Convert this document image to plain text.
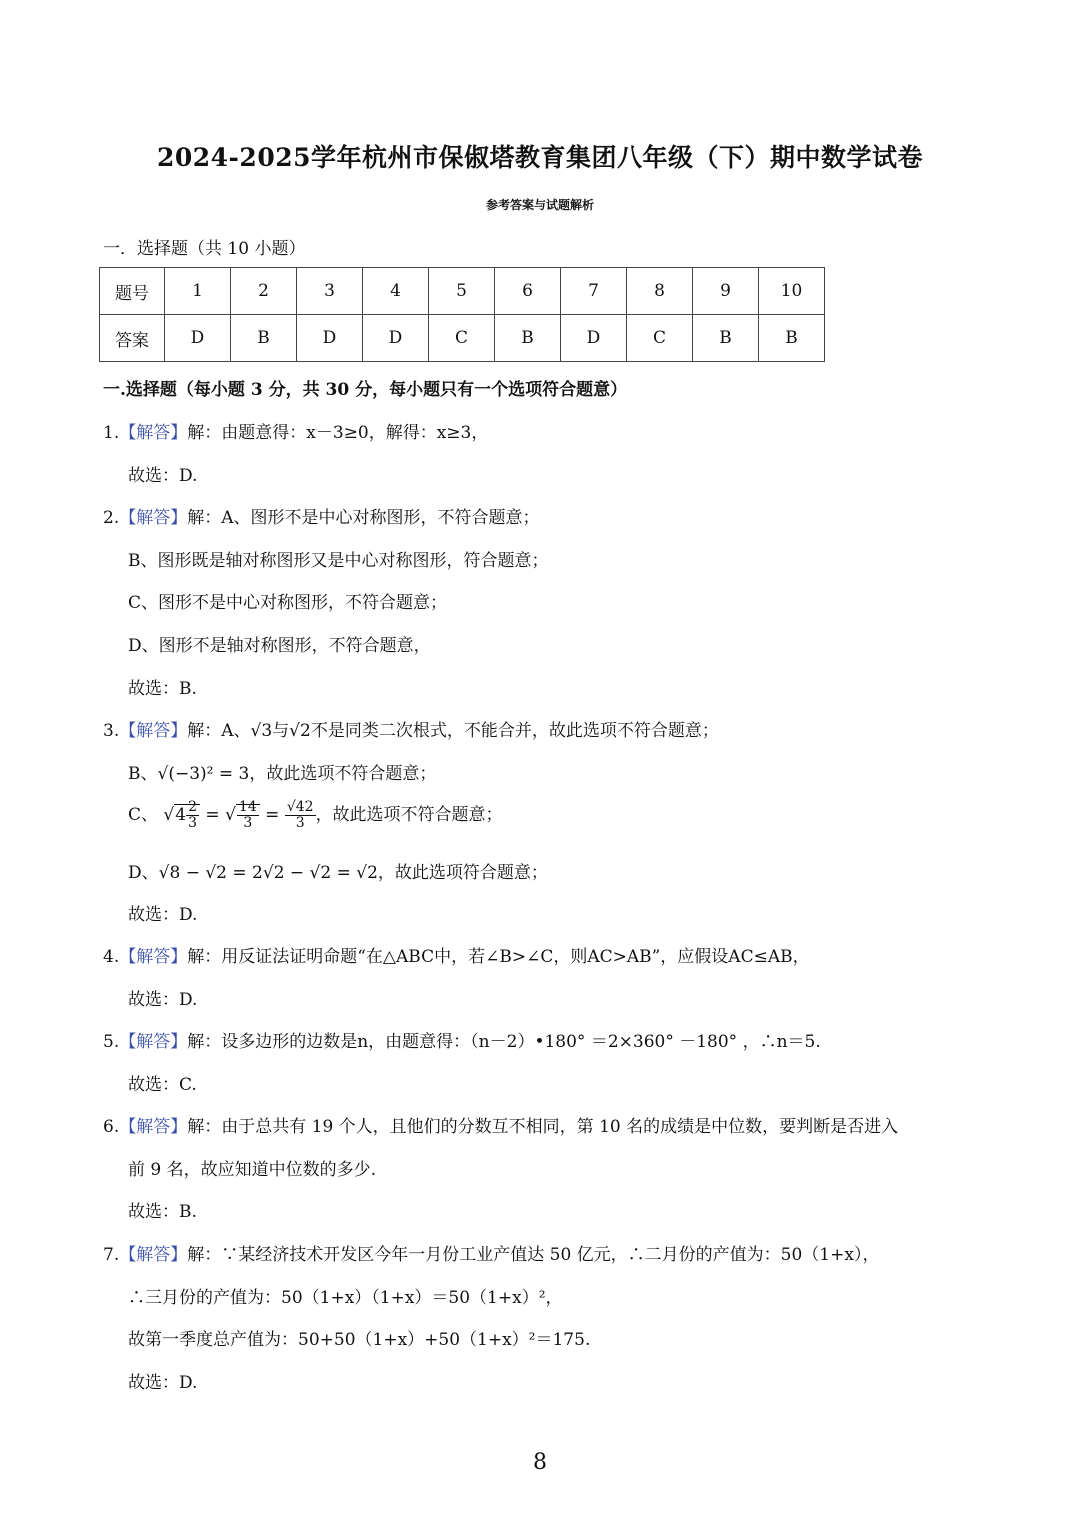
2024-2025学年杭州市保俶塔教育集团八年级（下）期中数学试卷
参考答案与试题解析
一．选择题（共 10 小题）
题号	1	2	3	4	5	6	7	8	9	10
答案	D	B	D	D	C	B	D	C	B	B
一.选择题（每小题 3 分，共 30 分，每小题只有一个选项符合题意）
1.【解答】解：由题意得：x－3≥0，解得：x≥3，
故选：D.
2.【解答】解：A、图形不是中心对称图形，不符合题意；
B、图形既是轴对称图形又是中心对称图形，符合题意；
C、图形不是中心对称图形，不符合题意；
D、图形不是轴对称图形，不符合题意，
故选：B.
3.【解答】解：A、√3与√2不是同类二次根式，不能合并，故此选项不符合题意；
B、√(−3)² = 3，故此选项不符合题意；
C、 $√4 \frac{2}{3}$ = √ $\frac{14}{3} = \frac{√42}{3}$ ，故此选项不符合题意；
D、√8 − √2 = 2√2 − √2 = √2，故此选项符合题意；
故选：D.
4.【解答】解：用反证法证明命题“在△ABC中，若∠B>∠C，则AC>AB”，应假设AC≤AB，
故选：D.
5.【解答】解：设多边形的边数是n，由题意得：（n－2）•180° ＝2×360° －180° ，∴n＝5.
故选：C.
6.【解答】解：由于总共有 19 个人，且他们的分数互不相同，第 10 名的成绩是中位数，要判断是否进入
前 9 名，故应知道中位数的多少.
故选：B.
7.【解答】解：∵某经济技术开发区今年一月份工业产值达 50 亿元，∴二月份的产值为：50（1+x），
∴三月份的产值为：50（1+x）（1+x）＝50（1+x）²，
故第一季度总产值为：50+50（1+x）+50（1+x）²＝175.
故选：D.
8
